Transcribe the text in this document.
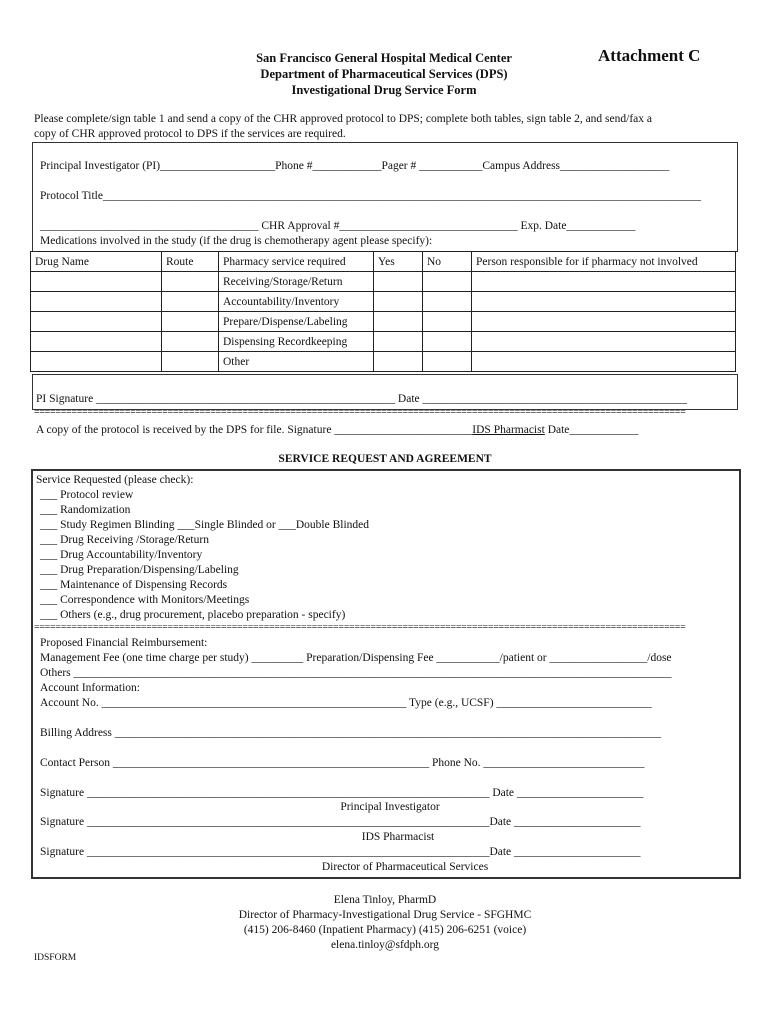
San Francisco General Hospital Medical Center
Department of Pharmaceutical Services (DPS)
Investigational Drug Service Form
Attachment C
Please complete/sign table 1 and send a copy of the CHR approved protocol to DPS; complete both tables, sign table 2, and send/fax a
copy of CHR approved protocol to DPS if the services are required.
Principal Investigator (PI)____________________Phone #____________Pager # ___________Campus Address___________________
Protocol Title________________________________________________________________________________________________________
______________________________________ CHR Approval #_______________________________ Exp. Date____________
Medications involved in the study (if the drug is chemotherapy agent please specify):
Drug Name	Route	Pharmacy service required	Yes	No	Person responsible for if pharmacy not involved
		Receiving/Storage/Return			
		Accountability/Inventory			
		Prepare/Dispense/Labeling			
		Dispensing Recordkeeping			
		Other			
PI Signature ____________________________________________________ Date ______________________________________________
==========================================================================================================================
A copy of the protocol is received by the DPS for file. Signature ________________________IDS Pharmacist Date____________
SERVICE REQUEST AND AGREEMENT
Service Requested (please check):
___ Protocol review
___ Randomization
___ Study Regimen Blinding ___Single Blinded or ___Double Blinded
___ Drug Receiving /Storage/Return
___ Drug Accountability/Inventory
___ Drug Preparation/Dispensing/Labeling
___ Maintenance of Dispensing Records
___ Correspondence with Monitors/Meetings
___ Others (e.g., drug procurement, placebo preparation - specify)
==========================================================================================================================
Proposed Financial Reimbursement:
Management Fee (one time charge per study) _________ Preparation/Dispensing Fee ___________/patient or _________________/dose
Others ________________________________________________________________________________________________________
Account Information:
Account No. _____________________________________________________ Type (e.g., UCSF) ___________________________
Billing Address _______________________________________________________________________________________________
Contact Person _______________________________________________________ Phone No. ____________________________
Signature ______________________________________________________________________ Date ______________________
Principal Investigator
Signature ______________________________________________________________________Date ______________________
IDS Pharmacist
Signature ______________________________________________________________________Date ______________________
Director of Pharmaceutical Services
Elena Tinloy, PharmD
Director of Pharmacy-Investigational Drug Service - SFGHMC
(415) 206-8460 (Inpatient Pharmacy) (415) 206-6251 (voice)
elena.tinloy@sfdph.org
IDSFORM
